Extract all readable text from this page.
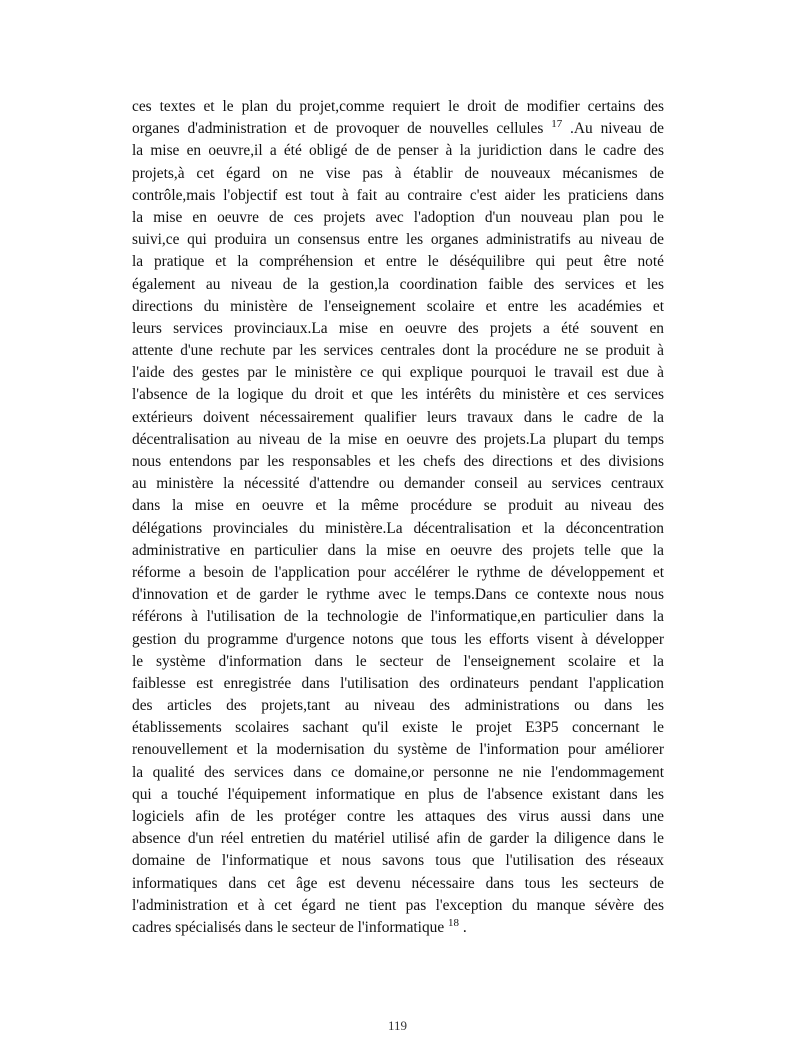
ces textes et le plan du projet,comme requiert le droit de modifier certains des
organes d'administration et de provoquer de nouvelles cellules $^{17}$ .Au niveau de
la mise en oeuvre,il a été obligé de de penser à la juridiction dans le cadre des
projets,à cet égard on ne vise pas à établir de nouveaux mécanismes de
contrôle,mais l'objectif est tout à fait au contraire c'est aider les praticiens dans
la mise en oeuvre de ces projets avec l'adoption d'un nouveau plan pou le
suivi,ce qui produira un consensus entre les organes administratifs au niveau de
la pratique et la compréhension et entre le déséquilibre qui peut être noté
également au niveau de la gestion,la coordination faible des services et les
directions du ministère de l'enseignement scolaire et entre les académies et
leurs services provinciaux.La mise en oeuvre des projets a été souvent en
attente d'une rechute par les services centrales dont la procédure ne se produit à
l'aide des gestes par le ministère ce qui explique pourquoi le travail est due à
l'absence de la logique du droit et que les intérêts du ministère et ces services
extérieurs doivent nécessairement qualifier leurs travaux dans le cadre de la
décentralisation au niveau de la mise en oeuvre des projets.La plupart du temps
nous entendons par les responsables et les chefs des directions et des divisions
au ministère la nécessité d'attendre ou demander conseil au services centraux
dans la mise en oeuvre et la même procédure se produit au niveau des
délégations provinciales du ministère.La décentralisation et la déconcentration
administrative en particulier dans la mise en oeuvre des projets telle que la
réforme a besoin de l'application pour accélérer le rythme de développement et
d'innovation et de garder le rythme avec le temps.Dans ce contexte nous nous
référons à l'utilisation de la technologie de l'informatique,en particulier dans la
gestion du programme d'urgence notons que tous les efforts visent à développer
le système d'information dans le secteur de l'enseignement scolaire et la
faiblesse est enregistrée dans l'utilisation des ordinateurs pendant l'application
des articles des projets,tant au niveau des administrations ou dans les
établissements scolaires sachant qu'il existe le projet E3P5 concernant le
renouvellement et la modernisation du système de l'information pour améliorer
la qualité des services dans ce domaine,or personne ne nie l'endommagement
qui a touché l'équipement informatique en plus de l'absence existant dans les
logiciels afin de les protéger contre les attaques des virus aussi dans une
absence d'un réel entretien du matériel utilisé afin de garder la diligence dans le
domaine de l'informatique et nous savons tous que l'utilisation des réseaux
informatiques dans cet âge est devenu nécessaire dans tous les secteurs de
l'administration et à cet égard ne tient pas l'exception du manque sévère des
cadres spécialisés dans le secteur de l'informatique $^{18}$ .
119
